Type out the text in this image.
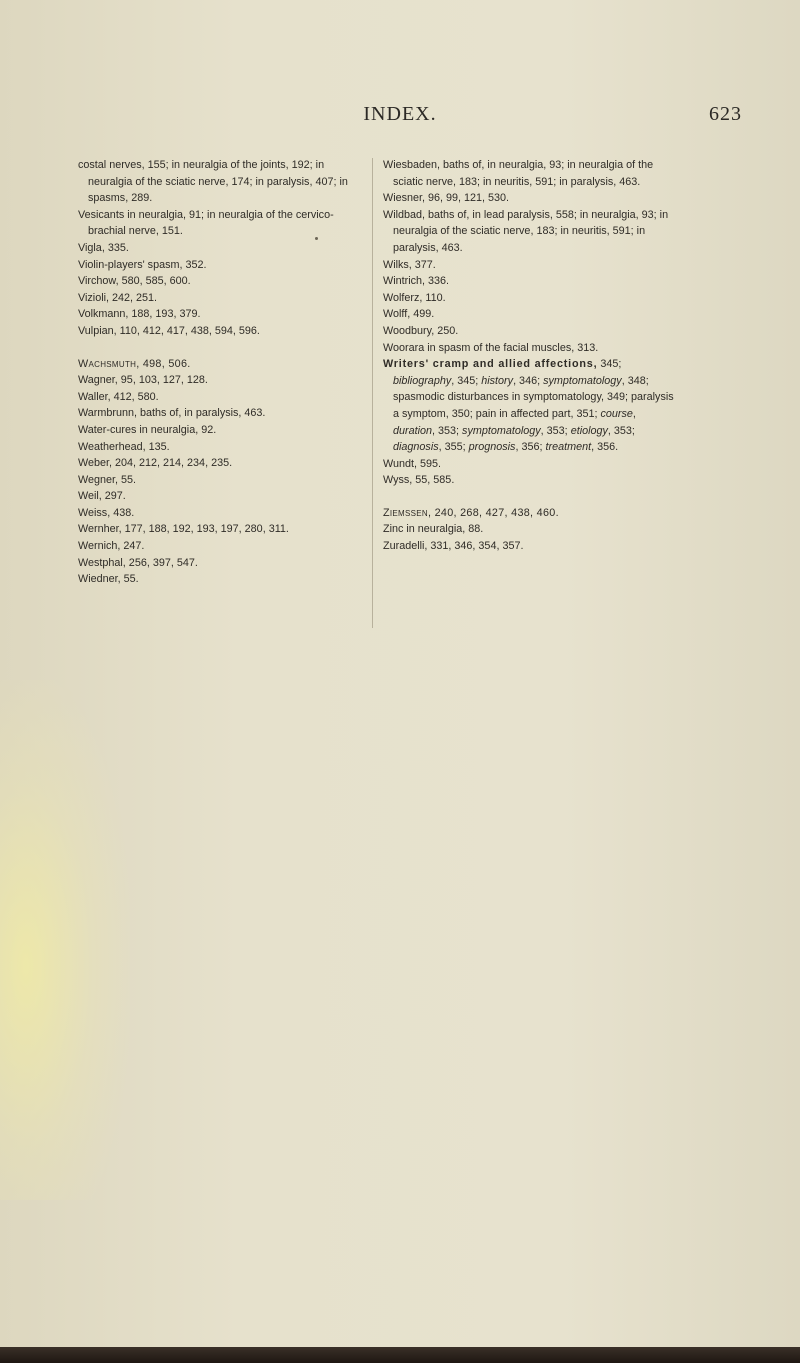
INDEX.	623
costal nerves, 155; in neuralgia of the joints, 192; in neuralgia of the sciatic nerve, 174; in paralysis, 407; in spasms, 289.
Vesicants in neuralgia, 91; in neuralgia of the cervico-brachial nerve, 151.
Vigla, 335.
Violin-players' spasm, 352.
Virchow, 580, 585, 600.
Vizioli, 242, 251.
Volkmann, 188, 193, 379.
Vulpian, 110, 412, 417, 438, 594, 596.
Wachsmuth, 498, 506.
Wagner, 95, 103, 127, 128.
Waller, 412, 580.
Warmbrunn, baths of, in paralysis, 463.
Water-cures in neuralgia, 92.
Weatherhead, 135.
Weber, 204, 212, 214, 234, 235.
Wegner, 55.
Weil, 297.
Weiss, 438.
Wernher, 177, 188, 192, 193, 197, 280, 311.
Wernich, 247.
Westphal, 256, 397, 547.
Wiedner, 55.
Wiesbaden, baths of, in neuralgia, 93; in neuralgia of the sciatic nerve, 183; in neuritis, 591; in paralysis, 463.
Wiesner, 96, 99, 121, 530.
Wildbad, baths of, in lead paralysis, 558; in neuralgia, 93; in neuralgia of the sciatic nerve, 183; in neuritis, 591; in paralysis, 463.
Wilks, 377.
Wintrich, 336.
Wolferz, 110.
Wolff, 499.
Woodbury, 250.
Woorara in spasm of the facial muscles, 313.
Writers' cramp and allied affections, 345; bibliography, 345; history, 346; symptomatology, 348; spasmodic disturbances in symptomatology, 349; paralysis a symptom, 350; pain in affected part, 351; course, duration, 353; symptomatology, 353; etiology, 353; diagnosis, 355; prognosis, 356; treatment, 356.
Wundt, 595.
Wyss, 55, 585.
Ziemssen, 240, 268, 427, 438, 460.
Zinc in neuralgia, 88.
Zuradelli, 331, 346, 354, 357.
